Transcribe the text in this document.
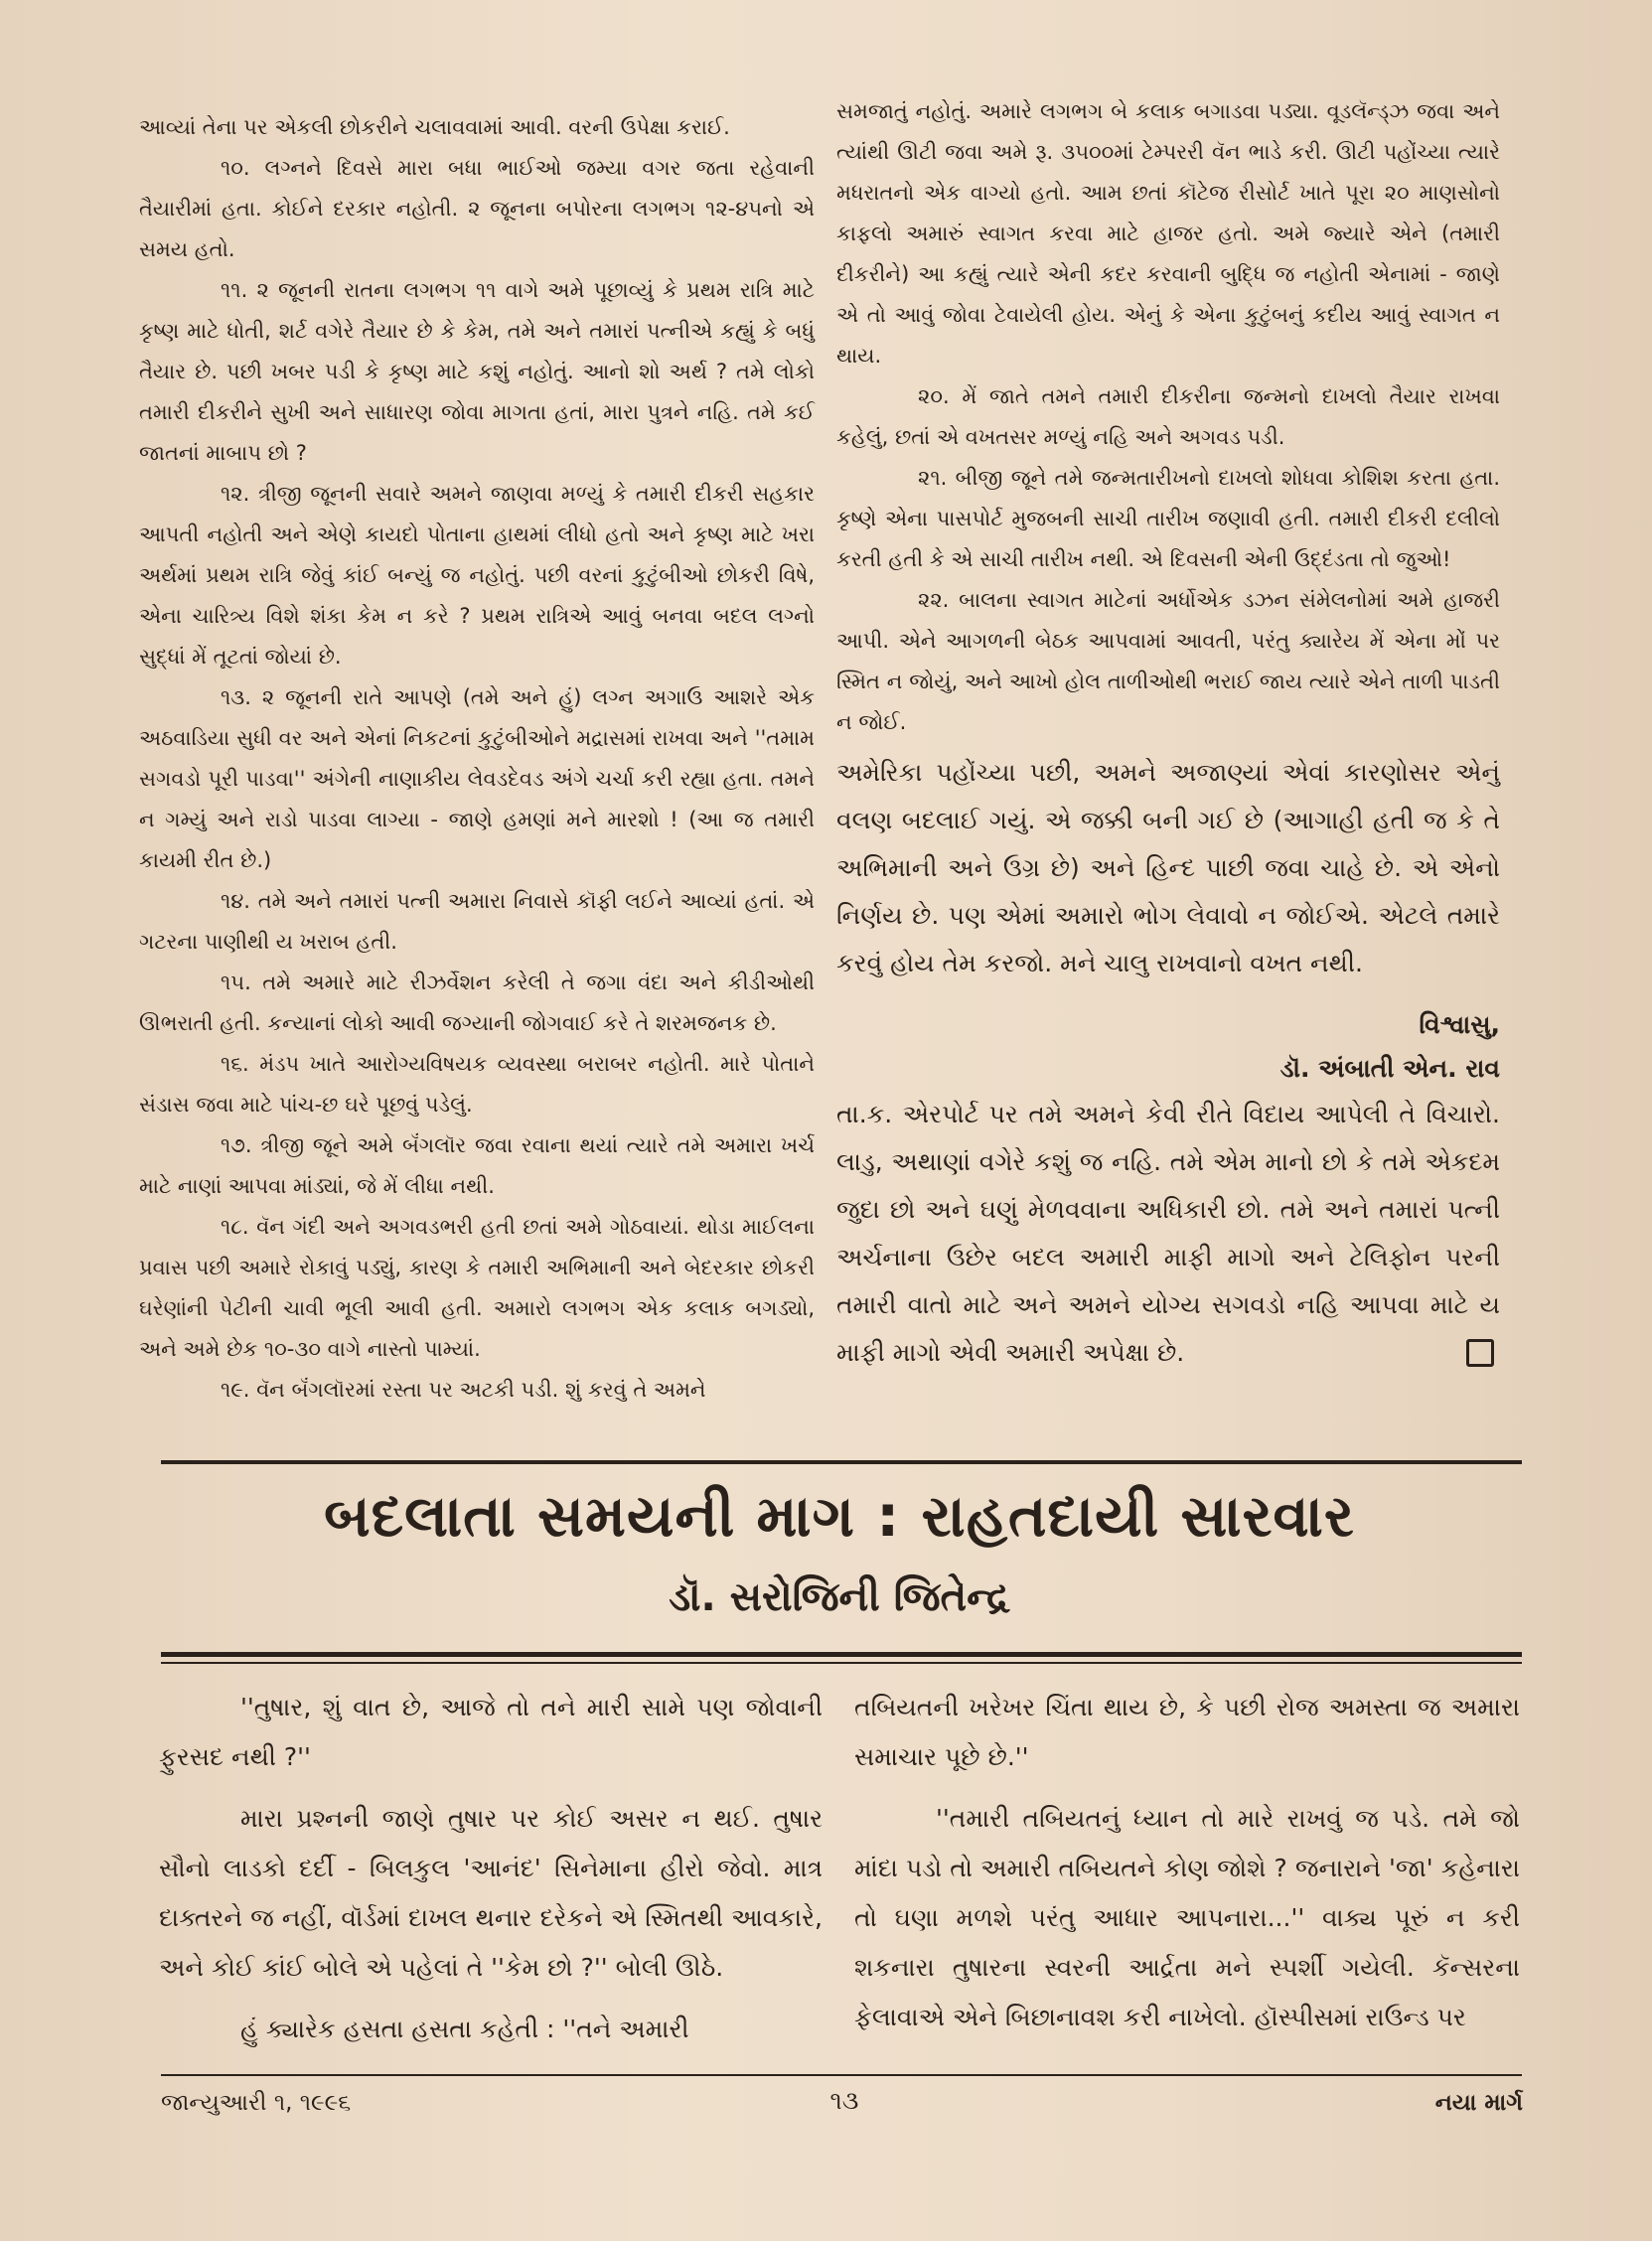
આવ્યાં તેના પર એકલી છોકરીને ચલાવવામાં આવી. વરની ઉપેક્ષા કરાઈ.

૧૦. લગ્નને દિવસે મારા બધા ભાઈઓ જમ્યા વગર જતા રહેવાની તૈયારીમાં હતા. કોઈને દરકાર નહોતી. ૨ જૂનના બપોરના લગભગ ૧૨-૪૫નો એ સમય હતો.

૧૧. ૨ જૂનની રાતના લગભગ ૧૧ વાગે અમે પૂછાવ્યું કે પ્રથમ રાત્રિ માટે કૃષ્ણ માટે ધોતી, શર્ટ વગેરે તૈયાર છે કે કેમ, તમે અને તમારાં પત્નીએ કહ્યું કે બધું તૈયાર છે. પછી ખબર પડી કે કૃષ્ણ માટે કશું નહોતું. આનો શો અર્થ ? તમે લોકો તમારી દીકરીને સુખી અને સાધારણ જોવા માગતા હતાં, મારા પુત્રને નહિ. તમે કઈ જાતનાં માબાપ છો ?

૧૨. ત્રીજી જૂનની સવારે અમને જાણવા મળ્યું કે તમારી દીકરી સહકાર આપતી નહોતી અને એણે કાયદો પોતાના હાથમાં લીધો હતો અને કૃષ્ણ માટે ખરા અર્થમાં પ્રથમ રાત્રિ જેવું કાંઈ બન્યું જ નહોતું. પછી વરનાં કુટુંબીઓ છોકરી વિષે, એના ચારિત્ર્ય વિશે શંકા કેમ ન કરે ? પ્રથમ રાત્રિએ આવું બનવા બદલ લગ્નો સુદ્ધાં મેં તૂટતાં જોયાં છે.

૧૩. ૨ જૂનની રાતે આપણે (તમે અને હું) લગ્ન અગાઉ આશરે એક અઠવાડિયા સુધી વર અને એનાં નિકટનાં કુટુંબીઓને મદ્રાસમાં રાખવા અને ''તમામ સગવડો પૂરી પાડવા'' અંગેની નાણાકીય લેવડદેવડ અંગે ચર્ચા કરી રહ્યા હતા. તમને ન ગમ્યું અને રાડો પાડવા લાગ્યા - જાણે હમણાં મને મારશો ! (આ જ તમારી કાયમી રીત છે.)

૧૪. તમે અને તમારાં પત્ની અમારા નિવાસે કૉફી લઈને આવ્યાં હતાં. એ ગટરના પાણીથી ય ખરાબ હતી.

૧૫. તમે અમારે માટે રીઝર્વેશન કરેલી તે જગા વંદા અને કીડીઓથી ઊભરાતી હતી. કન્યાનાં લોકો આવી જગ્યાની જોગવાઈ કરે તે શરમજનક છે.

૧૬. મંડપ ખાતે આરોગ્યવિષયક વ્યવસ્થા બરાબર નહોતી. મારે પોતાને સંડાસ જવા માટે પાંચ-છ ઘરે પૂછવું પડેલું.

૧૭. ત્રીજી જૂને અમે બૅંગલૉર જવા રવાના થયાં ત્યારે તમે અમારા ખર્ચ માટે નાણાં આપવા માંડ્યાં, જે મેં લીધા નથી.

૧૮. વૅન ગંદી અને અગવડભરી હતી છતાં અમે ગોઠવાયાં. થોડા માઈલના પ્રવાસ પછી અમારે રોકાવું પડ્યું, કારણ કે તમારી અભિમાની અને બેદરકાર છોકરી ઘરેણાંની પેટીની ચાવી ભૂલી આવી હતી. અમારો લગભગ એક કલાક બગડ્યો, અને અમે છેક ૧૦-૩૦ વાગે નાસ્તો પામ્યાં.

૧૯. વૅન બૅંગલૉરમાં રસ્તા પર અટકી પડી. શું કરવું તે અમને

સમજાતું નહોતું. અમારે લગભગ બે કલાક બગાડવા પડ્યા. વૂડલૅન્ડ્ઝ જવા અને ત્યાંથી ઊટી જવા અમે રૂ. ૩૫૦૦માં ટેમ્પરરી વૅન ભાડે કરી. ઊટી પહોંચ્યા ત્યારે મધરાતનો એક વાગ્યો હતો. આમ છતાં કૉટેજ રીસોર્ટ ખાતે પૂરા ૨૦ માણસોનો કાફલો અમારું સ્વાગત કરવા માટે હાજર હતો. અમે જ્યારે એને (તમારી દીકરીને) આ કહ્યું ત્યારે એની કદર કરવાની બુદ્ધિ જ નહોતી એનામાં - જાણે એ તો આવું જોવા ટેવાયેલી હોય. એનું કે એના કુટુંબનું કદીય આવું સ્વાગત ન થાય.

૨૦. મેં જાતે તમને તમારી દીકરીના જન્મનો દાખલો તૈયાર રાખવા કહેલું, છતાં એ વખતસર મળ્યું નહિ અને અગવડ પડી.

૨૧. બીજી જૂને તમે જન્મતારીખનો દાખલો શોધવા કોશિશ કરતા હતા. કૃષ્ણે એના પાસપોર્ટ મુજબની સાચી તારીખ જણાવી હતી. તમારી દીકરી દલીલો કરતી હતી કે એ સાચી તારીખ નથી. એ દિવસની એની ઉદ્દંડતા તો જુઓ!

૨૨. બાલના સ્વાગત માટેનાં અર્ધોએક ડઝન સંમેલનોમાં અમે હાજરી આપી. એને આગળની બેઠક આપવામાં આવતી, પરંતુ ક્યારેય મેં એના મોં પર સ્મિત ન જોયું, અને આખો હોલ તાળીઓથી ભરાઈ જાય ત્યારે એને તાળી પાડતી ન જોઈ.

અમેરિકા પહોંચ્યા પછી, અમને અજાણ્યાં એવાં કારણોસર એનું વલણ બદલાઈ ગયું. એ જક્કી બની ગઈ છે (આગાહી હતી જ કે તે અભિમાની અને ઉગ્ર છે) અને હિન્દ પાછી જવા ચાહે છે. એ એનો નિર્ણય છે. પણ એમાં અમારો ભોગ લેવાવો ન જોઈએ. એટલે તમારે કરવું હોય તેમ કરજો. મને ચાલુ રાખવાનો વખત નથી.

વિશ્વાસુ,
ડૉ. અંબાતી એન. રાવ

તા.ક. એરપોર્ટ પર તમે અમને કેવી રીતે વિદાય આપેલી તે વિચારો. લાડુ, અથાણાં વગેરે કશું જ નહિ. તમે એમ માનો છો કે તમે એકદમ જુદા છો અને ઘણું મેળવવાના અધિકારી છો. તમે અને તમારાં પત્ની અર્ચનાના ઉછેર બદલ અમારી માફી માગો અને ટેલિફોન પરની તમારી વાતો માટે અને અમને યોગ્ય સગવડો નહિ આપવા માટે ય માફી માગો એવી અમારી અપેક્ષા છે.

બદલાતા સમયની માગ : રાહતદાયી સારવાર
ડૉ. સરોજિની જિતેન્દ્ર

''તુષાર, શું વાત છે, આજે તો તને મારી સામે પણ જોવાની ફુરસદ નથી ?''

મારા પ્રશ્નની જાણે તુષાર પર કોઈ અસર ન થઈ. તુષાર સૌનો લાડકો દર્દી - બિલકુલ 'આનંદ' સિનેમાના હીરો જેવો. માત્ર દાક્તરને જ નહીં, વૉર્ડમાં દાખલ થનાર દરેકને એ સ્મિતથી આવકારે, અને કોઈ કાંઈ બોલે એ પહેલાં તે ''કેમ છો ?'' બોલી ઊઠે.

હું ક્યારેક હસતા હસતા કહેતી : ''તને અમારી

તબિયતની ખરેખર ચિંતા થાય છે, કે પછી રોજ અમસ્તા જ અમારા સમાચાર પૂછે છે.''

''તમારી તબિયતનું ધ્યાન તો મારે રાખવું જ પડે. તમે જો માંદા પડો તો અમારી તબિયતને કોણ જોશે ? જનારાને 'જા' કહેનારા તો ઘણા મળશે પરંતુ આધાર આપનારા...'' વાક્ય પૂરું ન કરી શકનારા તુષારના સ્વરની આર્દ્રતા મને સ્પર્શી ગયેલી. કૅન્સરના ફેલાવાએ એને બિછાનાવશ કરી નાખેલો. હૉસ્પીસમાં રાઉન્ડ પર

જાન્યુઆરી ૧, ૧૯૯૬	૧૩	નયા માર્ગ
